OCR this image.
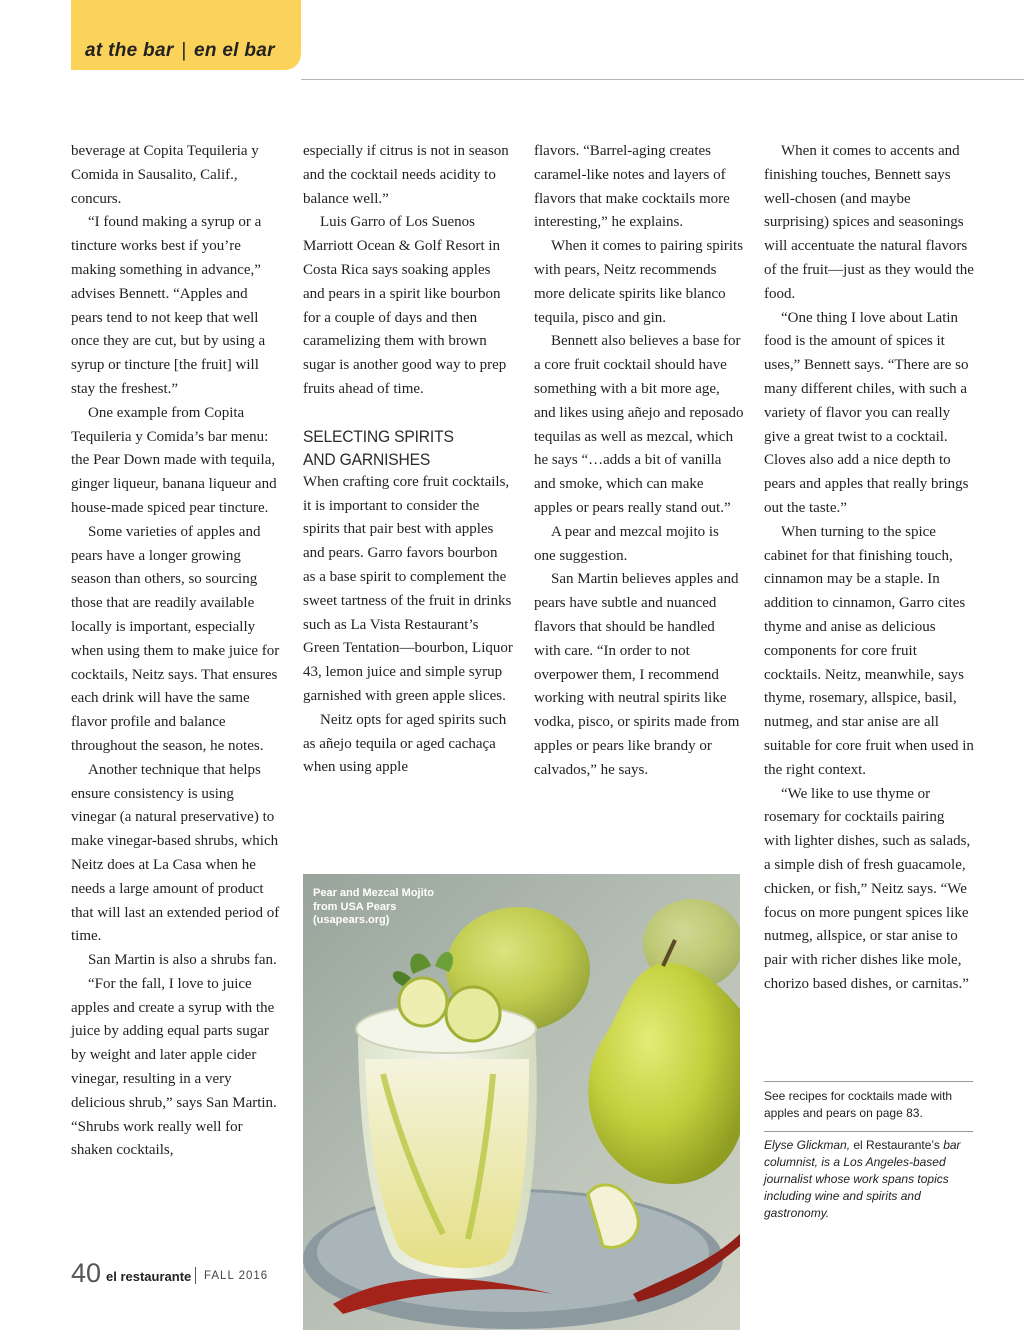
at the bar | en el bar

beverage at Copita Tequileria y Comida in Sausalito, Calif., concurs.

“I found making a syrup or a tincture works best if you’re making something in advance,” advises Bennett. “Apples and pears tend to not keep that well once they are cut, but by using a syrup or tincture [the fruit] will stay the freshest.”

One example from Copita Tequileria y Comida’s bar menu: the Pear Down made with tequila, ginger liqueur, banana liqueur and house-made spiced pear tincture.

Some varieties of apples and pears have a longer growing season than others, so sourcing those that are readily available locally is important, especially when using them to make juice for cocktails, Neitz says. That ensures each drink will have the same flavor profile and balance throughout the season, he notes.

Another technique that helps ensure consistency is using vinegar (a natural preservative) to make vinegar-based shrubs, which Neitz does at La Casa when he needs a large amount of product that will last an extended period of time.

San Martin is also a shrubs fan.

“For the fall, I love to juice apples and create a syrup with the juice by adding equal parts sugar by weight and later apple cider vinegar, resulting in a very delicious shrub,” says San Martin. “Shrubs work really well for shaken cocktails,

especially if citrus is not in season and the cocktail needs acidity to balance well.”

Luis Garro of Los Suenos Marriott Ocean & Golf Resort in Costa Rica says soaking apples and pears in a spirit like bourbon for a couple of days and then caramelizing them with brown sugar is another good way to prep fruits ahead of time.

SELECTING SPIRITS
AND GARNISHES

When crafting core fruit cocktails, it is important to consider the spirits that pair best with apples and pears. Garro favors bourbon as a base spirit to complement the sweet tartness of the fruit in drinks such as La Vista Restaurant’s Green Tentation—bourbon, Liquor 43, lemon juice and simple syrup garnished with green apple slices.

Neitz opts for aged spirits such as añejo tequila or aged cachaça when using apple

flavors. “Barrel-aging creates caramel-like notes and layers of flavors that make cocktails more interesting,” he explains.

When it comes to pairing spirits with pears, Neitz recommends more delicate spirits like blanco tequila, pisco and gin.

Bennett also believes a base for a core fruit cocktail should have something with a bit more age, and likes using añejo and reposado tequilas as well as mezcal, which he says “…adds a bit of vanilla and smoke, which can make apples or pears really stand out.”

A pear and mezcal mojito is one suggestion.

San Martin believes apples and pears have subtle and nuanced flavors that should be handled with care. “In order to not overpower them, I recommend working with neutral spirits like vodka, pisco, or spirits made from apples or pears like brandy or calvados,” he says.

When it comes to accents and finishing touches, Bennett says well-chosen (and maybe surprising) spices and seasonings will accentuate the natural flavors of the fruit—just as they would the food.

“One thing I love about Latin food is the amount of spices it uses,” Bennett says. “There are so many different chiles, with such a variety of flavor you can really give a great twist to a cocktail. Cloves also add a nice depth to pears and apples that really brings out the taste.”

When turning to the spice cabinet for that finishing touch, cinnamon may be a staple. In addition to cinnamon, Garro cites thyme and anise as delicious components for core fruit cocktails. Neitz, meanwhile, says thyme, rosemary, allspice, basil, nutmeg, and star anise are all suitable for core fruit when used in the right context.

“We like to use thyme or rosemary for cocktails pairing with lighter dishes, such as salads, a simple dish of fresh guacamole, chicken, or fish,” Neitz says. “We focus on more pungent spices like nutmeg, allspice, or star anise to pair with richer dishes like mole, chorizo based dishes, or carnitas.”

See recipes for cocktails made with apples and pears on page 83.

Elyse Glickman, el Restaurante’s bar columnist, is a Los Angeles-based journalist whose work spans topics including wine and spirits and gastronomy.

Pear and Mezcal Mojito from USA Pears (usapears.org)
40 el restaurante FALL 2016
